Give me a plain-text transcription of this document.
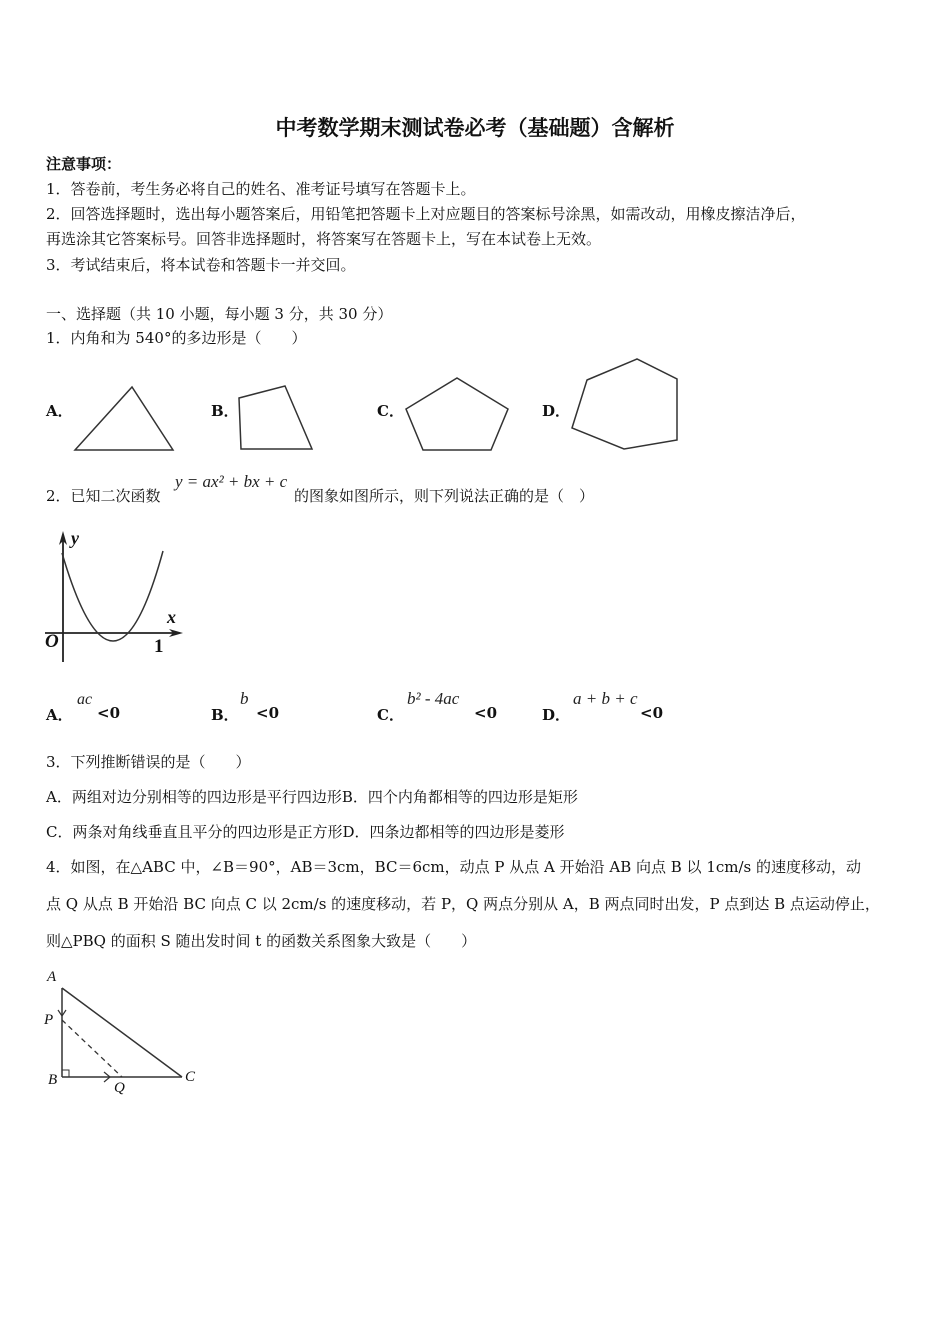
中考数学期末测试卷必考（基础题）含解析
注意事项：
1．答卷前，考生务必将自己的姓名、准考证号填写在答题卡上。
2．回答选择题时，选出每小题答案后，用铅笔把答题卡上对应题目的答案标号涂黑，如需改动，用橡皮擦洁净后，
再选涂其它答案标号。回答非选择题时，将答案写在答题卡上，写在本试卷上无效。
3．考试结束后，将本试卷和答题卡一并交回。
一、选择题（共 10 小题，每小题 3 分，共 30 分）
1．内角和为 540°的多边形是（　　）
A．	B．	C．	D．
2．已知二次函数
y = ax² + bx + c
的图象如图所示，则下列说法正确的是（　）
y
x
O	1
A．
ac
<0	B．
b
<0	C．
b² - 4ac
<0	D．
a + b + c
<0
3．下列推断错误的是（　　）
A．两组对边分别相等的四边形是平行四边形B．四个内角都相等的四边形是矩形
C．两条对角线垂直且平分的四边形是正方形D．四条边都相等的四边形是菱形
4．如图，在△ABC 中，∠B＝90°，AB＝3cm，BC＝6cm，动点 P 从点 A 开始沿 AB 向点 B 以 1cm/s 的速度移动，动
点 Q 从点 B 开始沿 BC 向点 C 以 2cm/s 的速度移动，若 P，Q 两点分别从 A，B 两点同时出发，P 点到达 B 点运动停止，
则△PBQ 的面积 S 随出发时间 t 的函数关系图象大致是（　　）
A
P
B	Q
C
